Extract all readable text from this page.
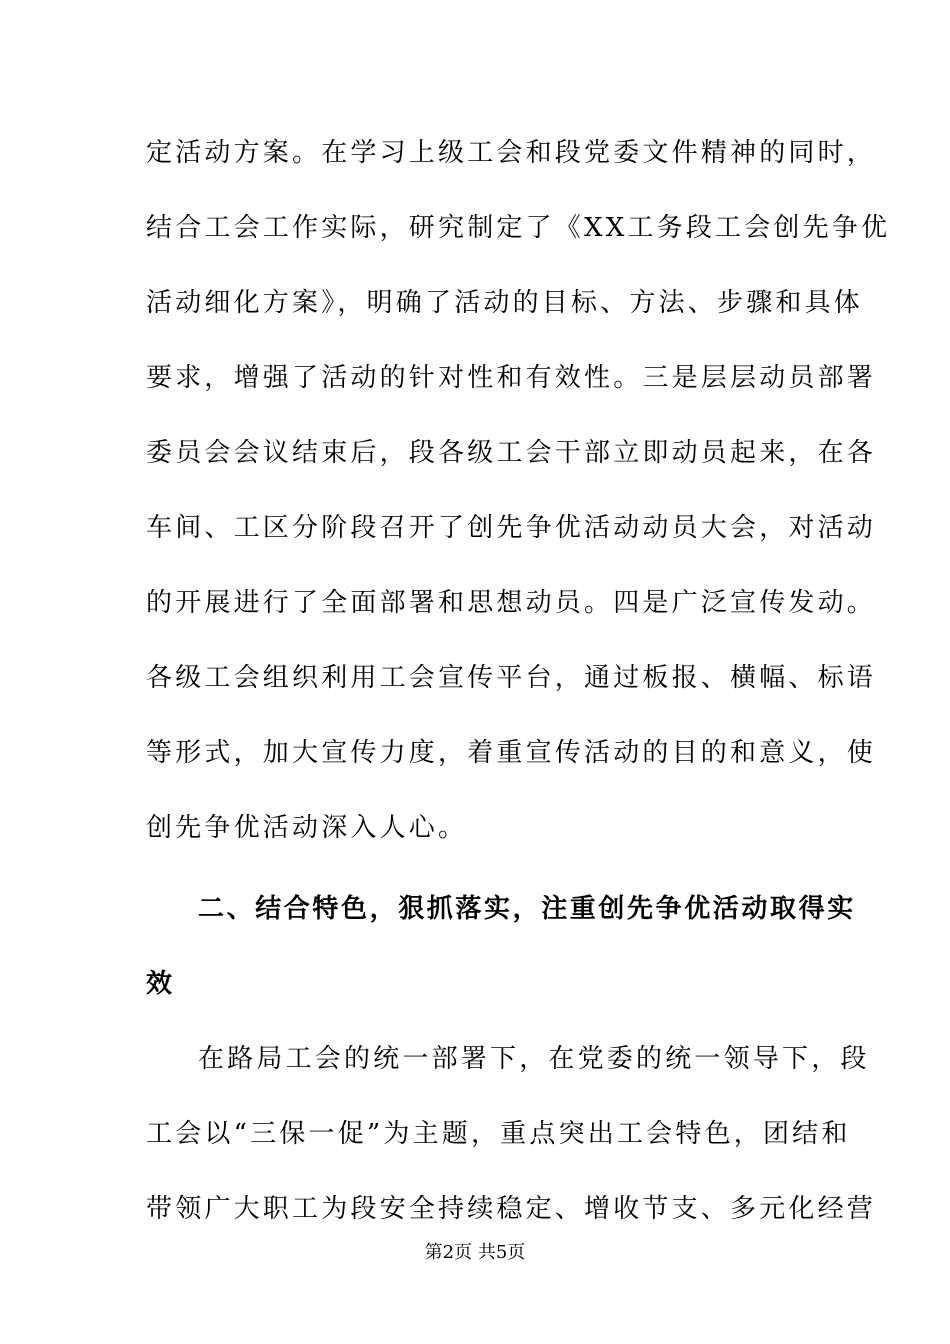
定活动方案。在学习上级工会和段党委文件精神的同时，
结合工会工作实际，研究制定了《XX工务段工会创先争优
活动细化方案》，明确了活动的目标、方法、步骤和具体
要求，增强了活动的针对性和有效性。三是层层动员部署
委员会会议结束后，段各级工会干部立即动员起来，在各
车间、工区分阶段召开了创先争优活动动员大会，对活动
的开展进行了全面部署和思想动员。四是广泛宣传发动。
各级工会组织利用工会宣传平台，通过板报、横幅、标语
等形式，加大宣传力度，着重宣传活动的目的和意义，使
创先争优活动深入人心。
二、结合特色，狠抓落实，注重创先争优活动取得实
效
在路局工会的统一部署下，在党委的统一领导下，段
工会以“三保一促”为主题，重点突出工会特色，团结和
带领广大职工为段安全持续稳定、增收节支、多元化经营
第2页 共5页
